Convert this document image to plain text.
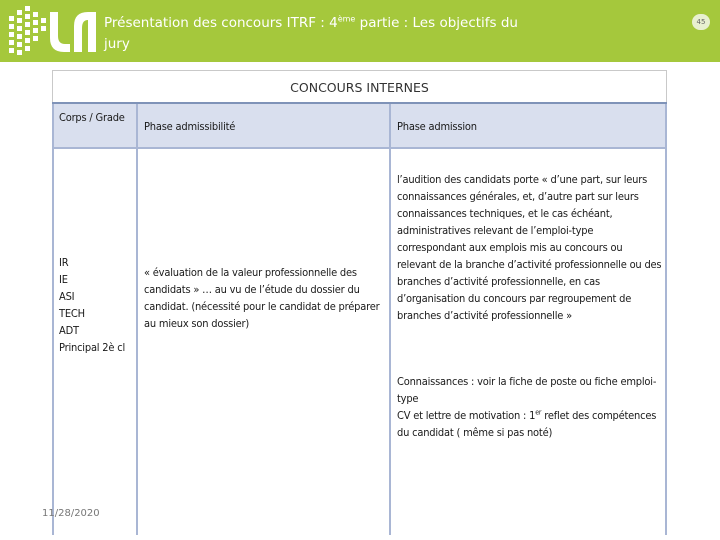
Présentation des concours ITRF : 4ème partie : Les objectifs du jury
45
CONCOURS INTERNES
Corps / Grade
Phase admissibilité	Phase admission
IR
IE
ASI
TECH
ADT
Principal 2è cl
« évaluation de la valeur professionnelle des candidats » … au vu de l’étude du dossier du candidat. (nécessité pour le candidat de préparer au mieux son dossier)
l’audition des candidats porte « d’une part, sur leurs connaissances générales, et, d’autre part sur leurs connaissances techniques, et le cas échéant, administratives relevant de l’emploi-type correspondant aux emplois mis au concours ou relevant de la branche d’activité professionnelle ou des branches d’activité professionnelle, en cas d’organisation du concours par regroupement de branches d’activité professionnelle »
Connaissances : voir la fiche de poste ou fiche emploi-type
CV et lettre de motivation : 1er reflet des compétences du candidat ( même si pas noté)
11/28/2020
